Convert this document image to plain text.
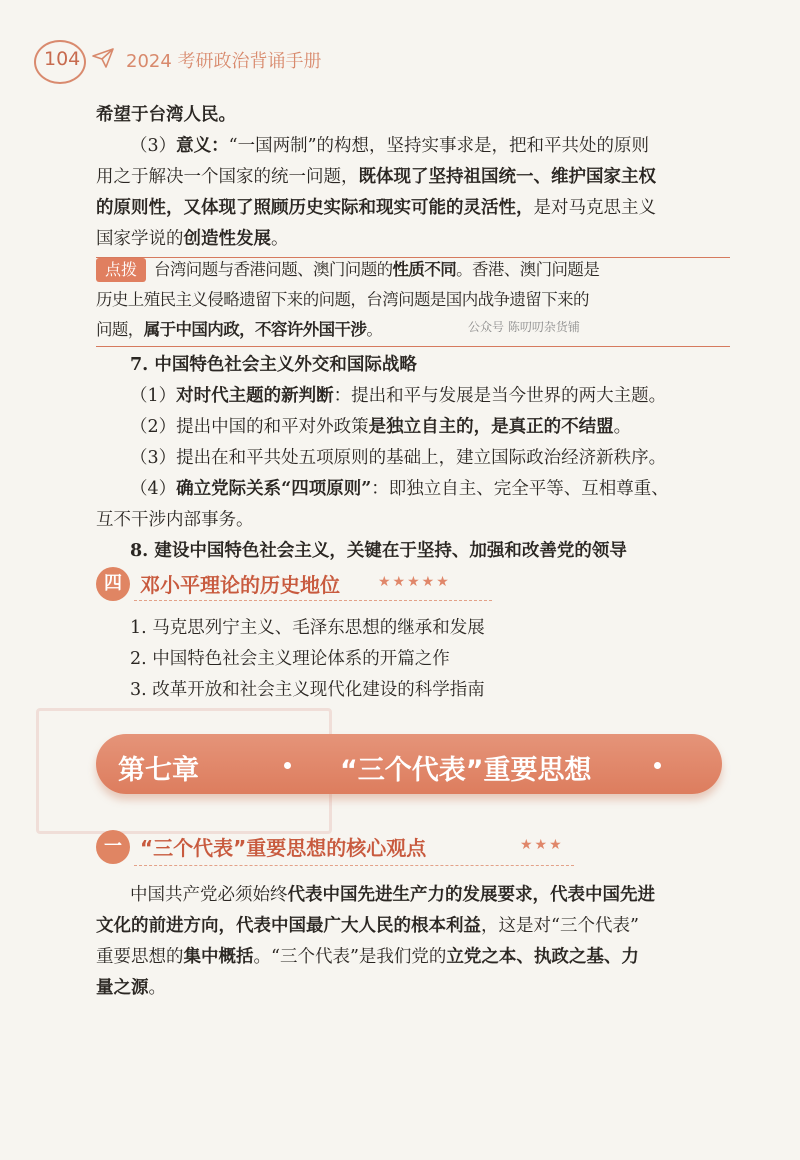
104	2024 考研政治背诵手册
希望于台湾人民。
（3）意义：“一国两制”的构想，坚持实事求是，把和平共处的原则
用之于解决一个国家的统一问题，既体现了坚持祖国统一、维护国家主权
的原则性，又体现了照顾历史实际和现实可能的灵活性，是对马克思主义
国家学说的创造性发展。
点拨	台湾问题与香港问题、澳门问题的性质不同。香港、澳门问题是
历史上殖民主义侵略遗留下来的问题，台湾问题是国内战争遗留下来的
问题，属于中国内政，不容许外国干涉。	公众号 陈叨叨杂货铺
7. 中国特色社会主义外交和国际战略
（1）对时代主题的新判断：提出和平与发展是当今世界的两大主题。
（2）提出中国的和平对外政策是独立自主的，是真正的不结盟。
（3）提出在和平共处五项原则的基础上，建立国际政治经济新秩序。
（4）确立党际关系“四项原则”：即独立自主、完全平等、互相尊重、
互不干涉内部事务。
8. 建设中国特色社会主义，关键在于坚持、加强和改善党的领导
四 邓小平理论的历史地位	★★★★★
1. 马克思列宁主义、毛泽东思想的继承和发展
2. 中国特色社会主义理论体系的开篇之作
3. 改革开放和社会主义现代化建设的科学指南
第七章	“三个代表”重要思想
一 “三个代表”重要思想的核心观点	★★★
中国共产党必须始终代表中国先进生产力的发展要求，代表中国先进
文化的前进方向，代表中国最广大人民的根本利益，这是对“三个代表”
重要思想的集中概括。“三个代表”是我们党的立党之本、执政之基、力
量之源。
